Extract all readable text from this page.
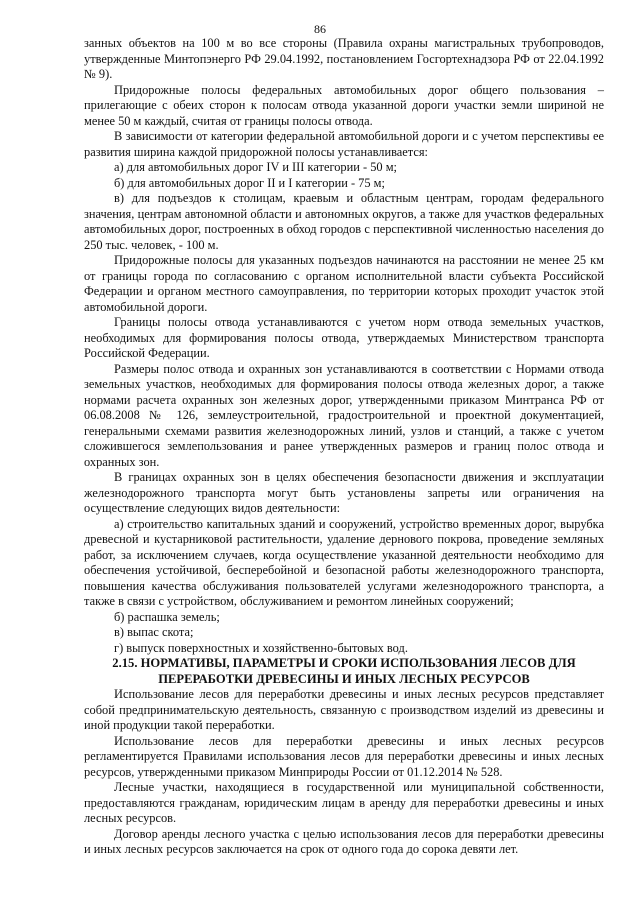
86

занных объектов на 100 м во все стороны (Правила охраны магистральных трубопроводов, утвержденные Минтопэнерго РФ 29.04.1992, постановлением Госгортехнадзора РФ от 22.04.1992 № 9).

Придорожные полосы федеральных автомобильных дорог общего пользования – прилегающие с обеих сторон к полосам отвода указанной дороги участки земли шириной не менее 50 м каждый, считая от границы полосы отвода.

В зависимости от категории федеральной автомобильной дороги и с учетом перспективы ее развития ширина каждой придорожной полосы устанавливается:

а) для автомобильных дорог IV и III категории - 50 м;

б) для автомобильных дорог II и I категории - 75 м;

в) для подъездов к столицам, краевым и областным центрам, городам федерального значения, центрам автономной области и автономных округов, а также для участков федеральных автомобильных дорог, построенных в обход городов с перспективной численностью населения до 250 тыс. человек, - 100 м.

Придорожные полосы для указанных подъездов начинаются на расстоянии не менее 25 км от границы города по согласованию с органом исполнительной власти субъекта Российской Федерации и органом местного самоуправления, по территории которых проходит участок этой автомобильной дороги.

Границы полосы отвода устанавливаются с учетом норм отвода земельных участков, необходимых для формирования полосы отвода, утверждаемых Министерством транспорта Российской Федерации.

Размеры полос отвода и охранных зон устанавливаются в соответствии с Нормами отвода земельных участков, необходимых для формирования полосы отвода железных дорог, а также нормами расчета охранных зон железных дорог, утвержденными приказом Минтранса РФ от 06.08.2008 № 126, землеустроительной, градостроительной и проектной документацией, генеральными схемами развития железнодорожных линий, узлов и станций, а также с учетом сложившегося землепользования и ранее утвержденных размеров и границ полос отвода и охранных зон.

В границах охранных зон в целях обеспечения безопасности движения и эксплуатации железнодорожного транспорта могут быть установлены запреты или ограничения на осуществление следующих видов деятельности:

а) строительство капитальных зданий и сооружений, устройство временных дорог, вырубка древесной и кустарниковой растительности, удаление дернового покрова, проведение земляных работ, за исключением случаев, когда осуществление указанной деятельности необходимо для обеспечения устойчивой, бесперебойной и безопасной работы железнодорожного транспорта, повышения качества обслуживания пользователей услугами железнодорожного транспорта, а также в связи с устройством, обслуживанием и ремонтом линейных сооружений;

б) распашка земель;

в) выпас скота;

г) выпуск поверхностных и хозяйственно-бытовых вод.

2.15. НОРМАТИВЫ, ПАРАМЕТРЫ И СРОКИ ИСПОЛЬЗОВАНИЯ ЛЕСОВ ДЛЯ ПЕРЕРАБОТКИ ДРЕВЕСИНЫ И ИНЫХ ЛЕСНЫХ РЕСУРСОВ

Использование лесов для переработки древесины и иных лесных ресурсов представляет собой предпринимательскую деятельность, связанную с производством изделий из древесины и иной продукции такой переработки.

Использование лесов для переработки древесины и иных лесных ресурсов регламентируется Правилами использования лесов для переработки древесины и иных лесных ресурсов, утвержденными приказом Минприроды России от 01.12.2014 № 528.

Лесные участки, находящиеся в государственной или муниципальной собственности, предоставляются гражданам, юридическим лицам в аренду для переработки древесины и иных лесных ресурсов.

Договор аренды лесного участка с целью использования лесов для переработки древесины и иных лесных ресурсов заключается на срок от одного года до сорока девяти лет.
